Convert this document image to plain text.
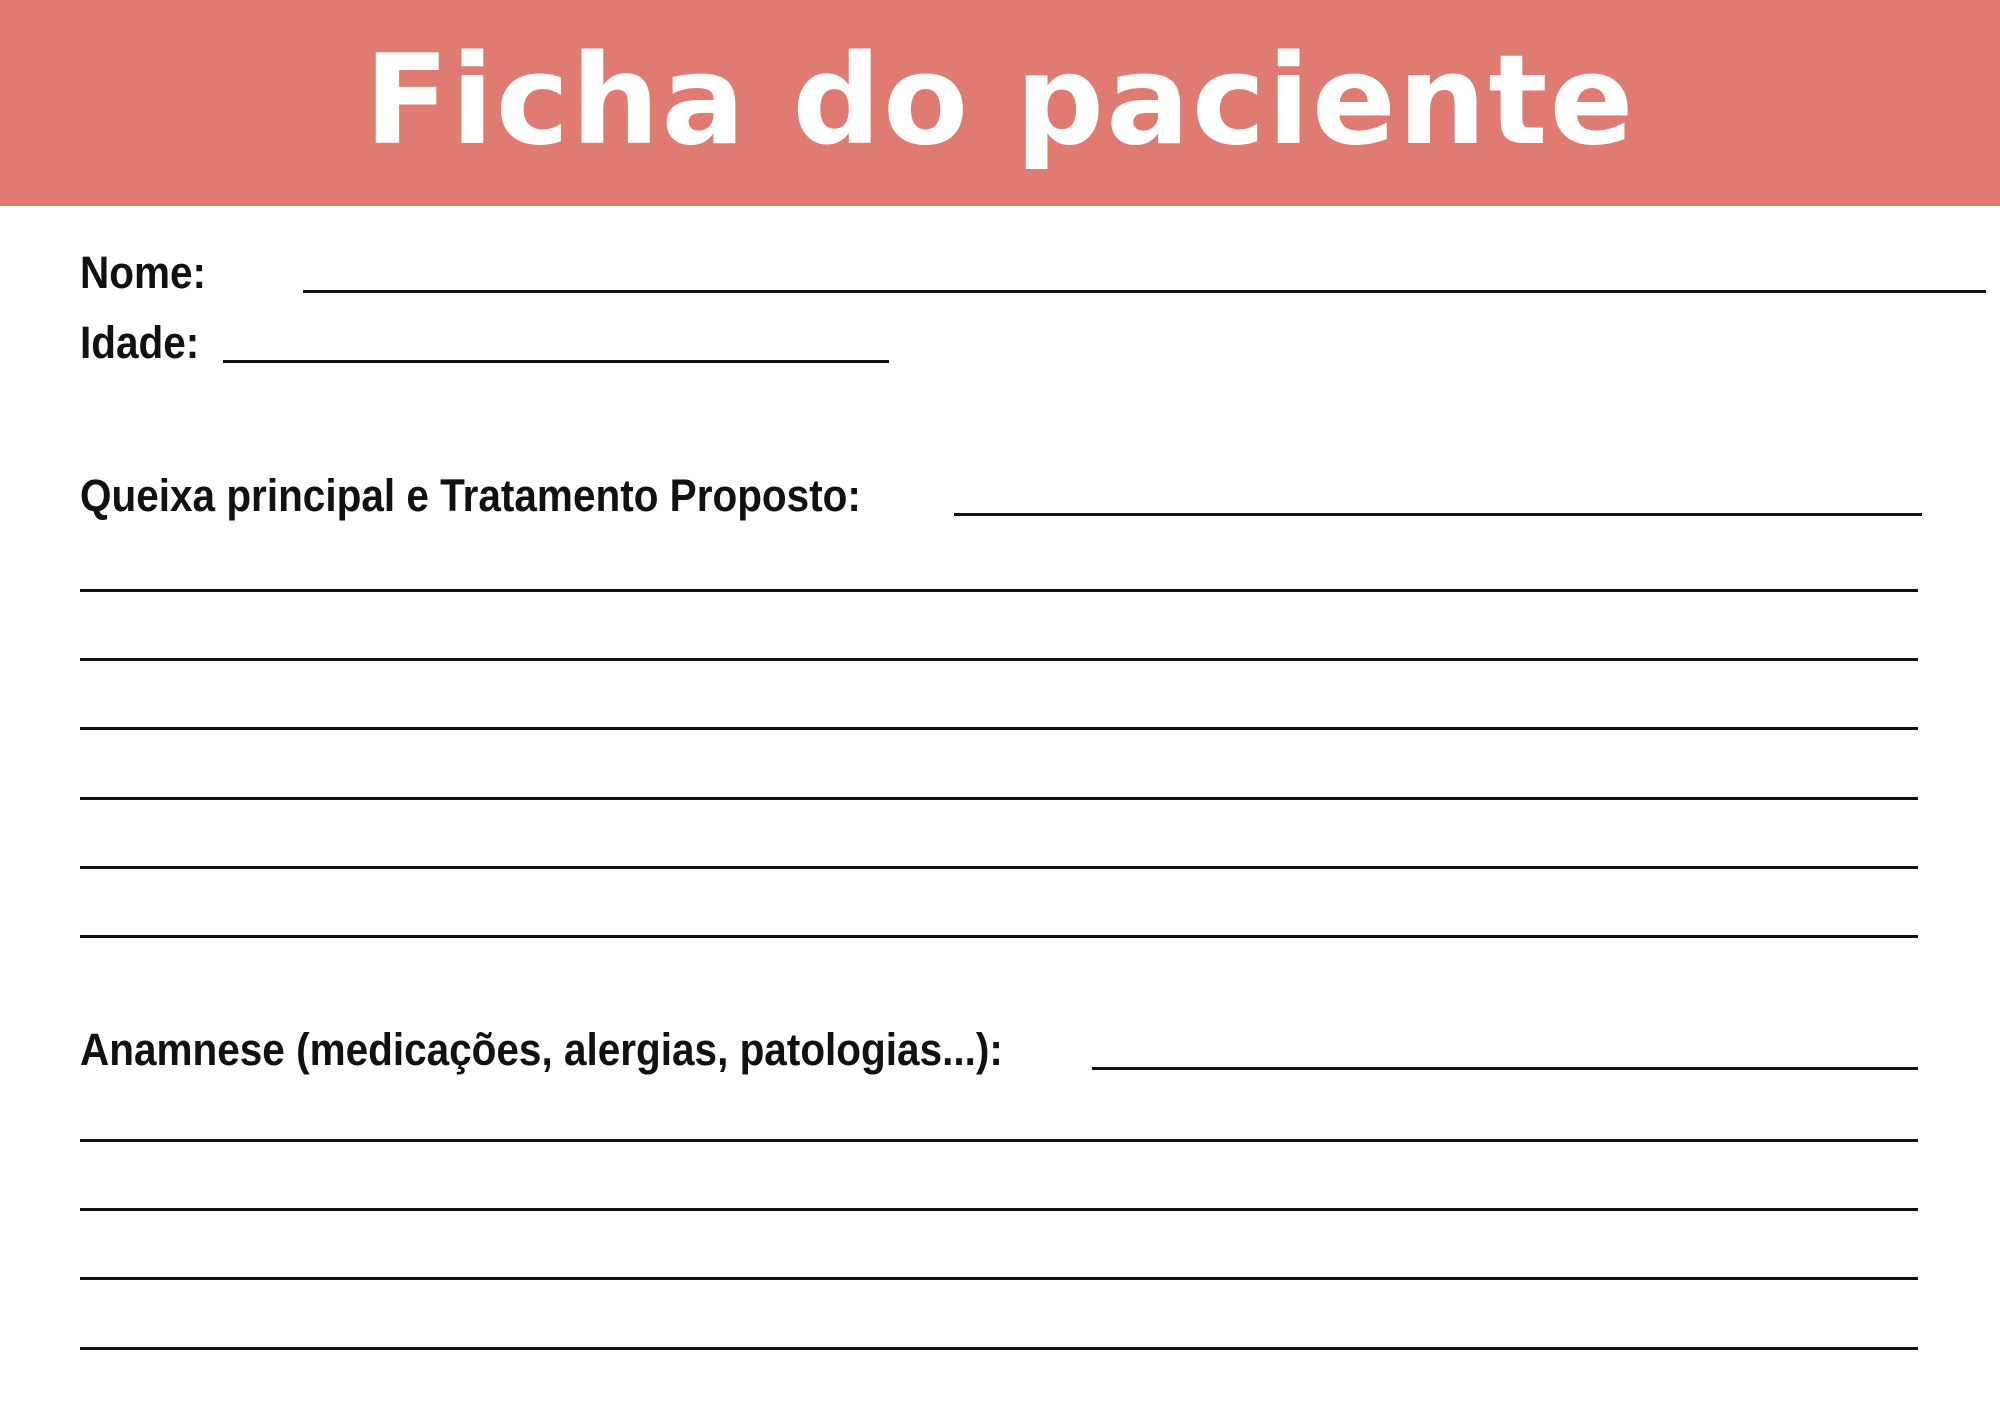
Ficha do paciente
Nome:
Idade:
Queixa principal e Tratamento Proposto:
Anamnese (medicações, alergias, patologias...):
